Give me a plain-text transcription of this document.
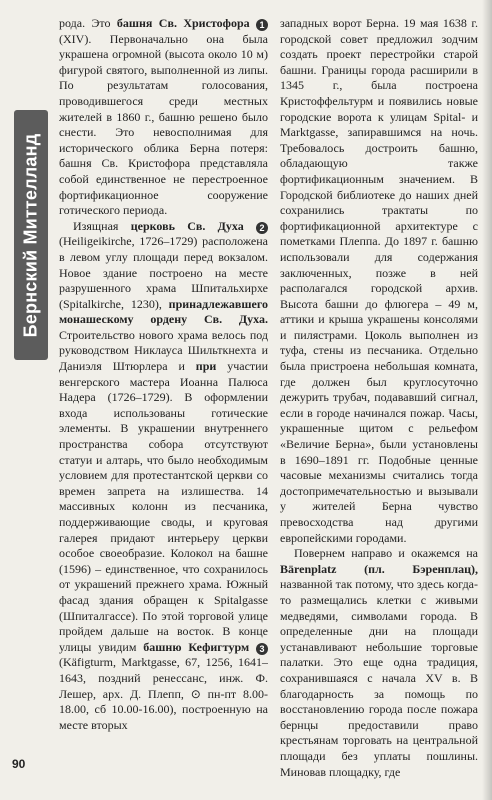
Бернский Миттелланд
90

рода. Это башня Св. Христофора 1 (XIV). Первоначально она была украшена огромной (высота около 10 м) фигурой святого, выполненной из липы. По результатам голосования, проводившегося среди местных жителей в 1860 г., башню решено было снести. Это невосполнимая для исторического облика Берна потеря: башня Св. Кристофора представляла собой единственное не перестроенное фортификационное сооружение готического периода.

Изящная церковь Св. Духа 2 (Heiligeikirche, 1726–1729) расположена в левом углу площади перед вокзалом. Новое здание построено на месте разрушенного храма Шпитальхирхе (Spitalkirche, 1230), принадлежавшего монашескому ордену Св. Духа. Строительство нового храма велось под руководством Никлауса Шильткнехта и Даниэля Штюрлера и при участии венгерского мастера Иоанна Палюса Надера (1726–1729). В оформлении входа использованы готические элементы. В украшении внутреннего пространства собора отсутствуют статуи и алтарь, что было необходимым условием для протестантской церкви со времен запрета на излишества. 14 массивных колонн из песчаника, поддерживающие своды, и круговая галерея придают интерьеру церкви особое своеобразие. Колокол на башне (1596) – единственное, что сохранилось от украшений прежнего храма. Южный фасад здания обращен к Spitalgasse (Шпиталгассе). По этой торговой улице пройдем дальше на восток. В конце улицы увидим башню Кефигтурм 3 (Käfigturm, Marktgasse, 67, 1256, 1641–1643, поздний ренессанс, инж. Ф. Лешер, арх. Д. Плепп, ⊙ пн-пт 8.00-18.00, сб 10.00-16.00), построенную на месте вторых

западных ворот Берна. 19 мая 1638 г. городской совет предложил зодчим создать проект перестройки старой башни. Границы города расширили в 1345 г., была построена Кристоффельтурм и появились новые городские ворота к улицам Spital- и Marktgasse, запиравшимся на ночь. Требовалось достроить башню, обладающую также фортификационным значением. В Городской библиотеке до наших дней сохранились трактаты по фортификационной архитектуре с пометками Плеппа. До 1897 г. башню использовали для содержания заключенных, позже в ней располагался городской архив. Высота башни до флюгера – 49 м, аттики и крыша украшены консолями и пилястрами. Цоколь выполнен из туфа, стены из песчаника. Отдельно была пристроена небольшая комната, где должен был круглосуточно дежурить трубач, подававший сигнал, если в городе начинался пожар. Часы, украшенные щитом с рельефом «Величие Берна», были установлены в 1690–1891 гг. Подобные ценные часовые механизмы считались тогда достопримечательностью и вызывали у жителей Берна чувство превосходства над другими европейскими городами.

Повернем направо и окажемся на Bärenplatz (пл. Бэренплац), названной так потому, что здесь когда-то размещались клетки с живыми медведями, символами города. В определенные дни на площади устанавливают небольшие торговые палатки. Это еще одна традиция, сохранившаяся с начала XV в. В благодарность за помощь по восстановлению города после пожара бернцы предоставили право крестьянам торговать на центральной площади без уплаты пошлины. Миновав площадку, где
